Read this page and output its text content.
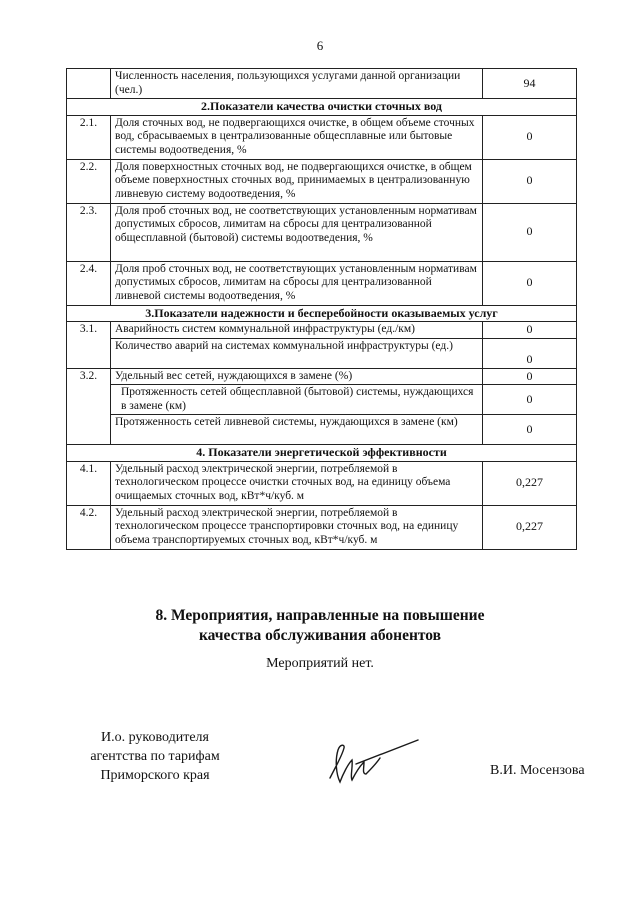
6
	Численность населения, пользующихся услугами данной организации (чел.)	94
2.Показатели качества очистки сточных вод		
2.1.	Доля сточных вод, не подвергающихся очистке, в общем объеме сточных вод, сбрасываемых в централизованные общесплавные или бытовые системы водоотведения, %	0
2.2.	Доля поверхностных сточных вод, не подвергающихся очистке, в общем объеме поверхностных сточных вод, принимаемых в централизованную ливневую систему водоотведения, %	0
2.3.	Доля проб сточных вод, не соответствующих установленным нормативам допустимых сбросов, лимитам на сбросы для централизованной общесплавной (бытовой) системы водоотведения, %	0
2.4.	Доля проб сточных вод, не соответствующих установленным нормативам допустимых сбросов, лимитам на сбросы для централизованной ливневой системы водоотведения, %	0
3.Показатели надежности и бесперебойности оказываемых услуг		
3.1.	Аварийность систем коммунальной инфраструктуры (ед./км)	0
	Количество аварий на системах коммунальной инфраструктуры (ед.)	0
3.2.	Удельный вес сетей, нуждающихся в замене (%)	0
	Протяженность сетей общесплавной (бытовой) системы, нуждающихся в замене (км)	0
	Протяженность сетей ливневой системы, нуждающихся в замене (км)	0
4. Показатели энергетической эффективности		
4.1.	Удельный расход электрической энергии, потребляемой в технологическом процессе очистки сточных вод, на единицу объема очищаемых сточных вод, кВт*ч/куб. м	0,227
4.2.	Удельный расход электрической энергии, потребляемой в технологическом процессе транспортировки сточных вод, на единицу объема транспортируемых сточных вод, кВт*ч/куб. м	0,227
8. Мероприятия, направленные на повышение
качества обслуживания абонентов
Мероприятий нет.
И.о. руководителя
агентства по тарифам
Приморского края	В.И. Мосензова
